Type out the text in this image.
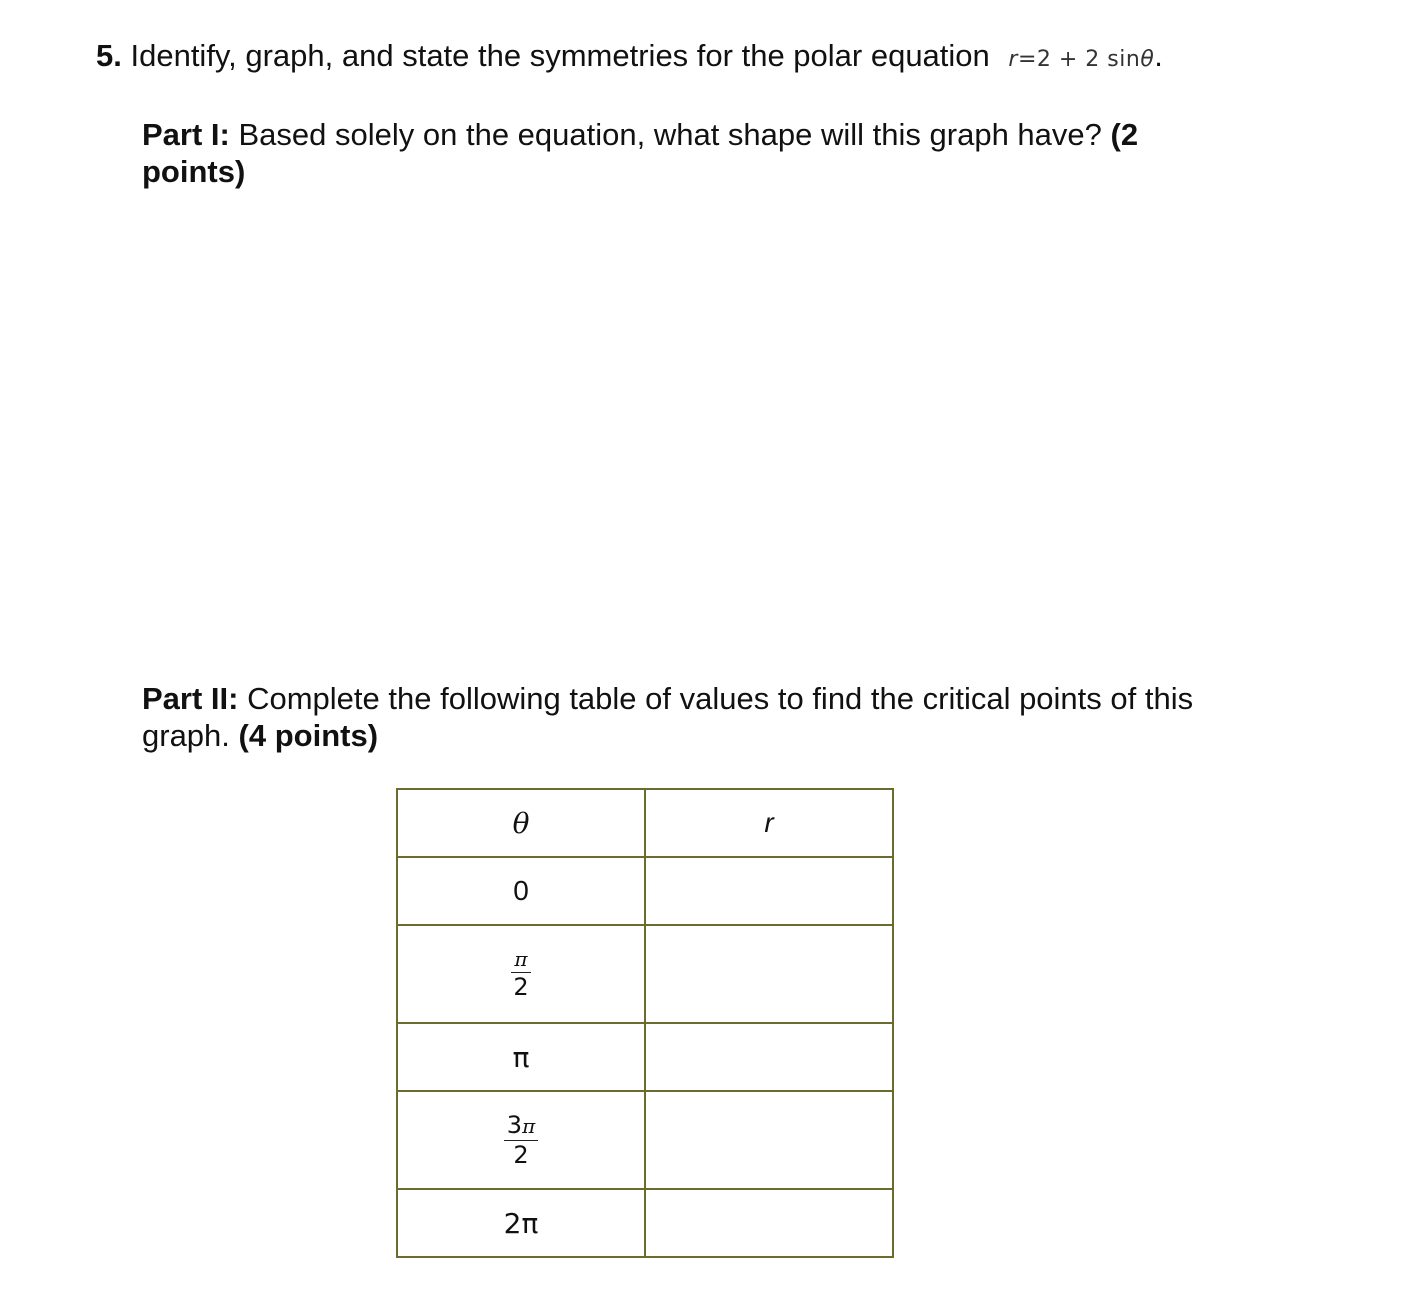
5. Identify, graph, and state the symmetries for the polar equation r=2 + 2 sinθ.
Part I: Based solely on the equation, what shape will this graph have? (2 points)
Part II: Complete the following table of values to find the critical points of this graph. (4 points)
θ	r
0	

$\frac{\pi}{2}$

π	

$\frac{3\pi}{2}$

2π	
